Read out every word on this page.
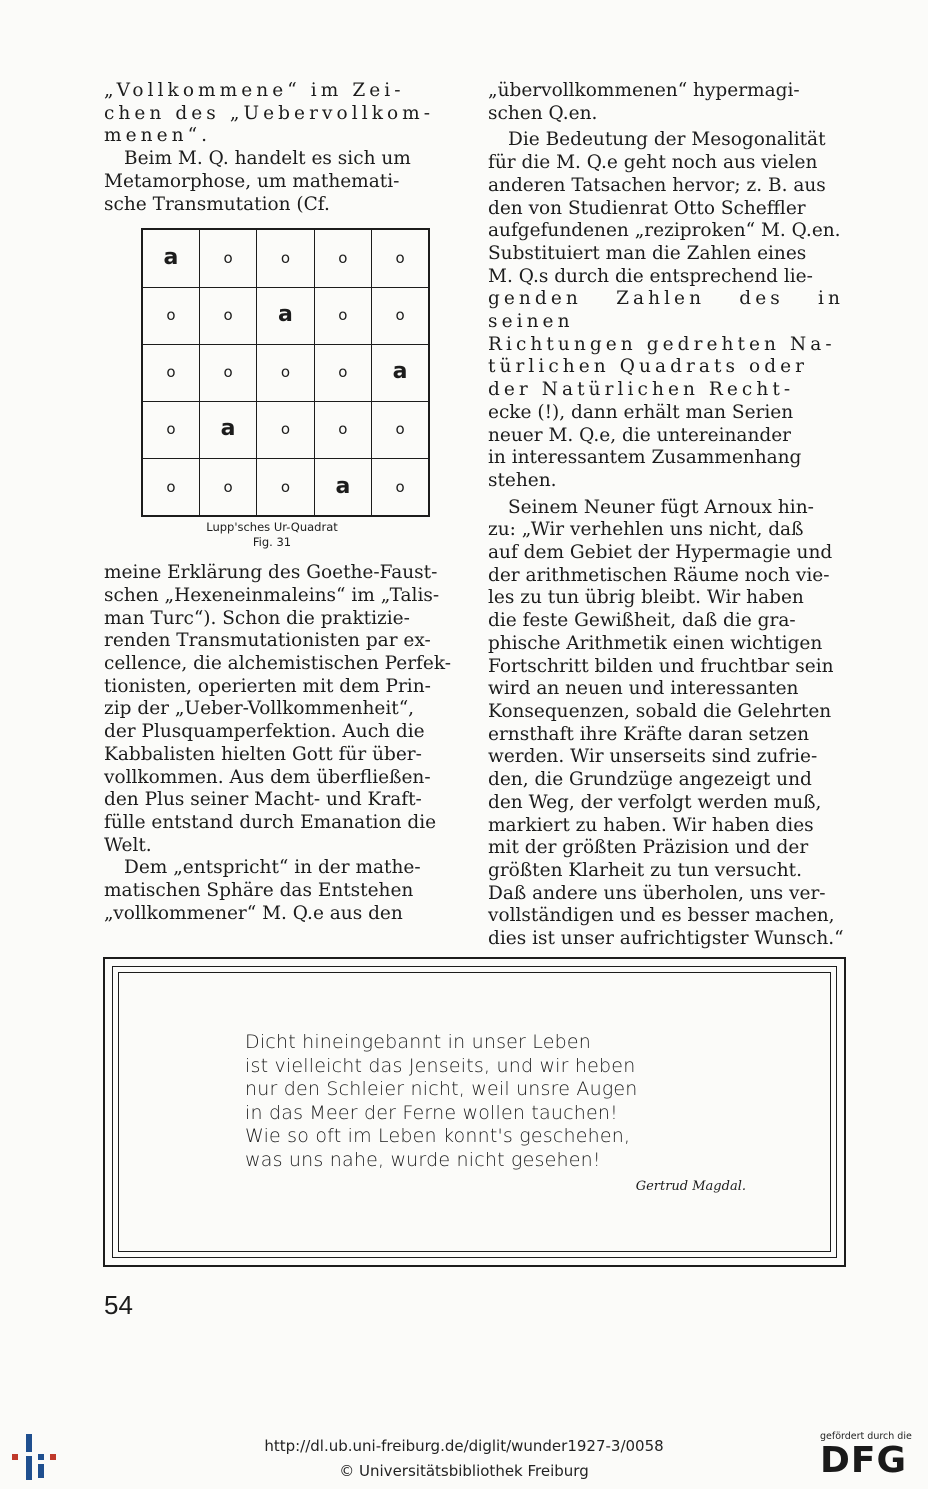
„Vollkommene“ im Zei-
chen des „Uebervollkom-
menen“.

Beim M. Q. handelt es sich um
Metamorphose, um mathemati-
sche Transmutation (Cf.

a	o	o	o	o
o	o	a	o	o
o	o	o	o	a
o	a	o	o	o
o	o	o	a	o
Lupp'sches Ur-Quadrat
Fig. 31

meine Erklärung des Goethe-Faust-
schen „Hexeneinmaleins“ im „Talis-
man Turc“). Schon die praktizie-
renden Transmutationisten par ex-
cellence, die alchemistischen Perfek-
tionisten, operierten mit dem Prin-
zip der „Ueber-Vollkommenheit“,
der Plusquamperfektion. Auch die
Kabbalisten hielten Gott für über-
vollkommen. Aus dem überfließen-
den Plus seiner Macht- und Kraft-
fülle entstand durch Emanation die
Welt.

Dem „entspricht“ in der mathe-
matischen Sphäre das Entstehen
„vollkommener“ M. Q.e aus den

„übervollkommenen“ hypermagi-
schen Q.en.

Die Bedeutung der Mesogonalität
für die M. Q.e geht noch aus vielen
anderen Tatsachen hervor; z. B. aus
den von Studienrat Otto Scheffler
aufgefundenen „reziproken“ M. Q.en.
Substituiert man die Zahlen eines
M. Q.s durch die entsprechend lie-
genden Zahlen des in seinen
Richtungen gedrehten Na-
türlichen Quadrats oder
der Natürlichen Recht-
ecke (!), dann erhält man Serien
neuer M. Q.e, die untereinander
in interessantem Zusammenhang
stehen.

Seinem Neuner fügt Arnoux hin-
zu: „Wir verhehlen uns nicht, daß
auf dem Gebiet der Hypermagie und
der arithmetischen Räume noch vie-
les zu tun übrig bleibt. Wir haben
die feste Gewißheit, daß die gra-
phische Arithmetik einen wichtigen
Fortschritt bilden und fruchtbar sein
wird an neuen und interessanten
Konsequenzen, sobald die Gelehrten
ernsthaft ihre Kräfte daran setzen
werden. Wir unserseits sind zufrie-
den, die Grundzüge angezeigt und
den Weg, der verfolgt werden muß,
markiert zu haben. Wir haben dies
mit der größten Präzision und der
größten Klarheit zu tun versucht.
Daß andere uns überholen, uns ver-
vollständigen und es besser machen,
dies ist unser aufrichtigster Wunsch.“

Dicht hineingebannt in unser Leben
ist vielleicht das Jenseits, und wir heben
nur den Schleier nicht, weil unsre Augen
in das Meer der Ferne wollen tauchen!
Wie so oft im Leben konnt's geschehen,
was uns nahe, wurde nicht gesehen!
Gertrud Magdal.
54
http://dl.ub.uni-freiburg.de/diglit/wunder1927-3/0058
© Universitätsbibliothek Freiburg
gefördert durch die
DFG
